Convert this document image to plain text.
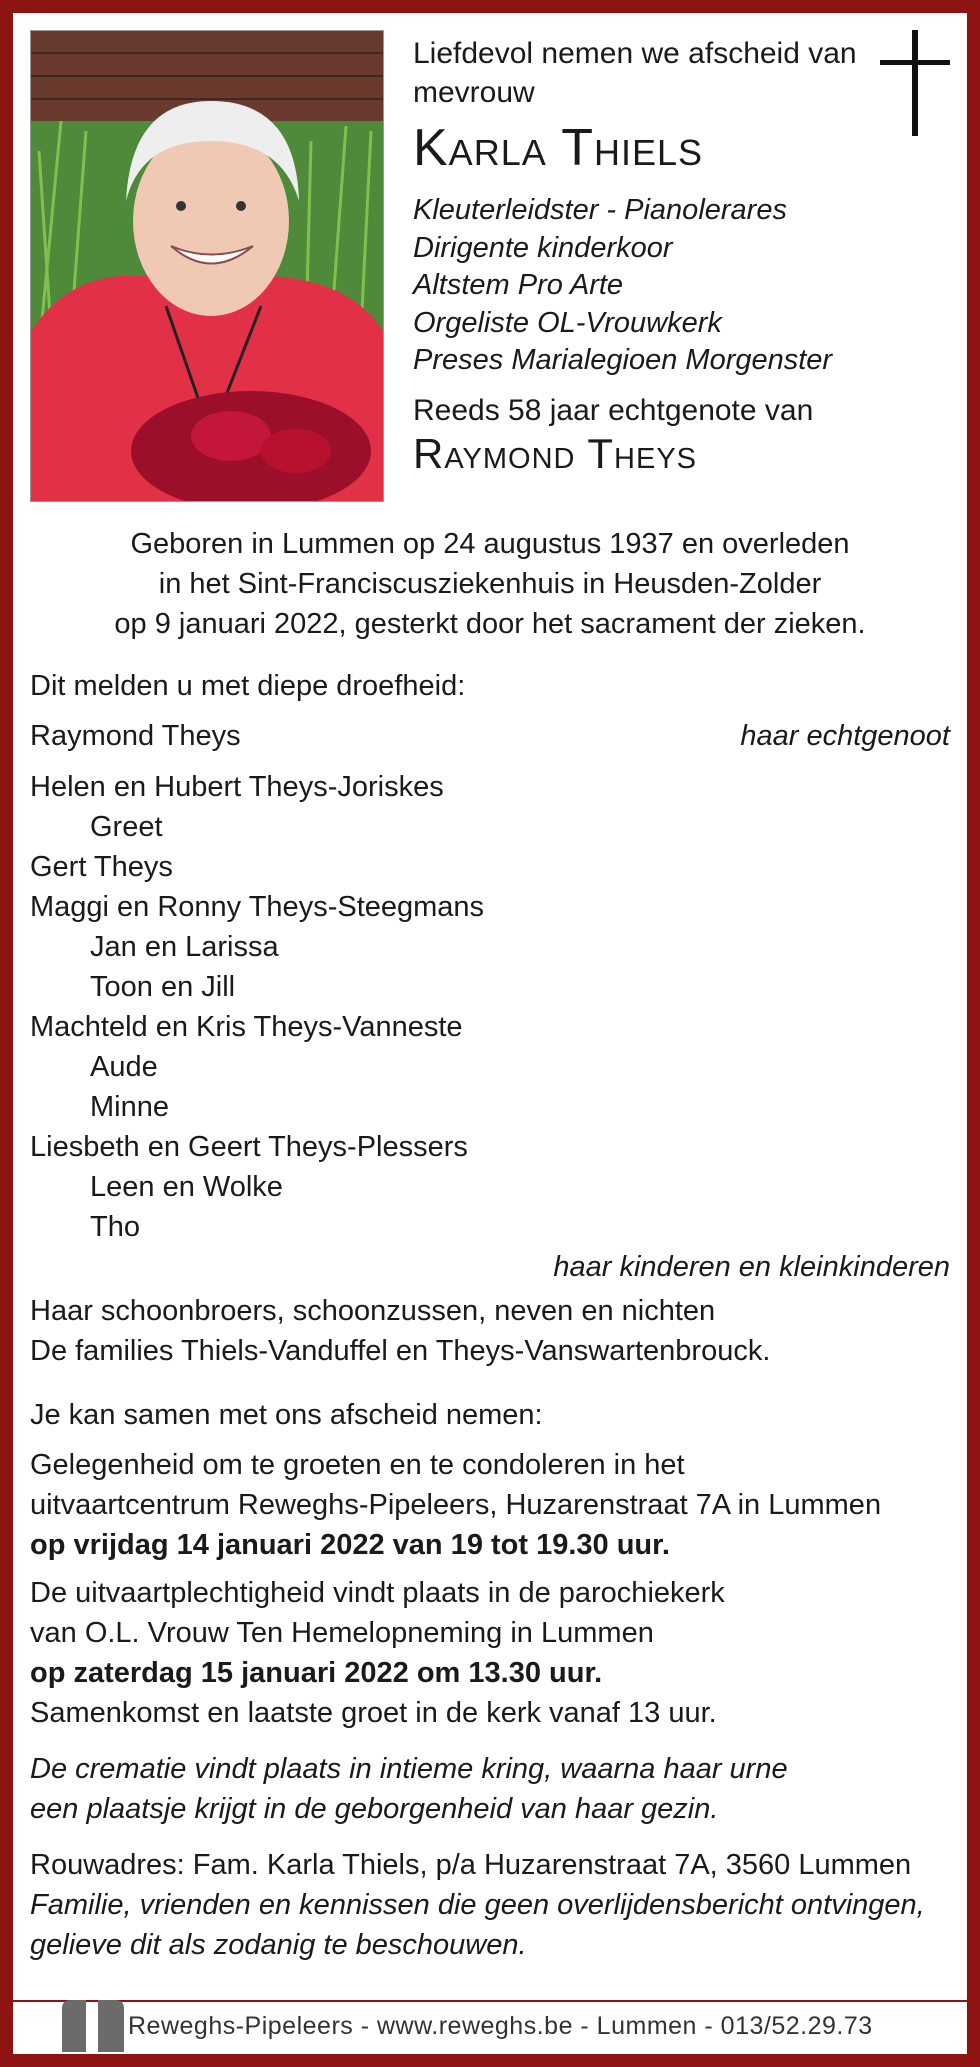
Liefdevol nemen we afscheid van
mevrouw
Karla Thiels
Kleuterleidster - Pianolerares
Dirigente kinderkoor
Altstem Pro Arte
Orgeliste OL-Vrouwkerk
Preses Marialegioen Morgenster
Reeds 58 jaar echtgenote van
Raymond Theys
Geboren in Lummen op 24 augustus 1937 en overleden
in het Sint-Franciscusziekenhuis in Heusden-Zolder
op 9 januari 2022, gesterkt door het sacrament der zieken.
Dit melden u met diepe droefheid:
Raymond Theys	haar echtgenoot
Helen en Hubert Theys-Joriskes
Greet
Gert Theys
Maggi en Ronny Theys-Steegmans
Jan en Larissa
Toon en Jill
Machteld en Kris Theys-Vanneste
Aude
Minne
Liesbeth en Geert Theys-Plessers
Leen en Wolke
Tho
haar kinderen en kleinkinderen
Haar schoonbroers, schoonzussen, neven en nichten
De families Thiels-Vanduffel en Theys-Vanswartenbrouck.
Je kan samen met ons afscheid nemen:
Gelegenheid om te groeten en te condoleren in het
uitvaartcentrum Reweghs-Pipeleers, Huzarenstraat 7A in Lummen
op vrijdag 14 januari 2022 van 19 tot 19.30 uur.
De uitvaartplechtigheid vindt plaats in de parochiekerk
van O.L. Vrouw Ten Hemelopneming in Lummen
op zaterdag 15 januari 2022 om 13.30 uur.
Samenkomst en laatste groet in de kerk vanaf 13 uur.
De crematie vindt plaats in intieme kring, waarna haar urne
een plaatsje krijgt in de geborgenheid van haar gezin.
Rouwadres: Fam. Karla Thiels, p/a Huzarenstraat 7A, 3560 Lummen
Familie, vrienden en kennissen die geen overlijdensbericht ontvingen,
gelieve dit als zodanig te beschouwen.
Reweghs-Pipeleers - www.reweghs.be - Lummen - 013/52.29.73
